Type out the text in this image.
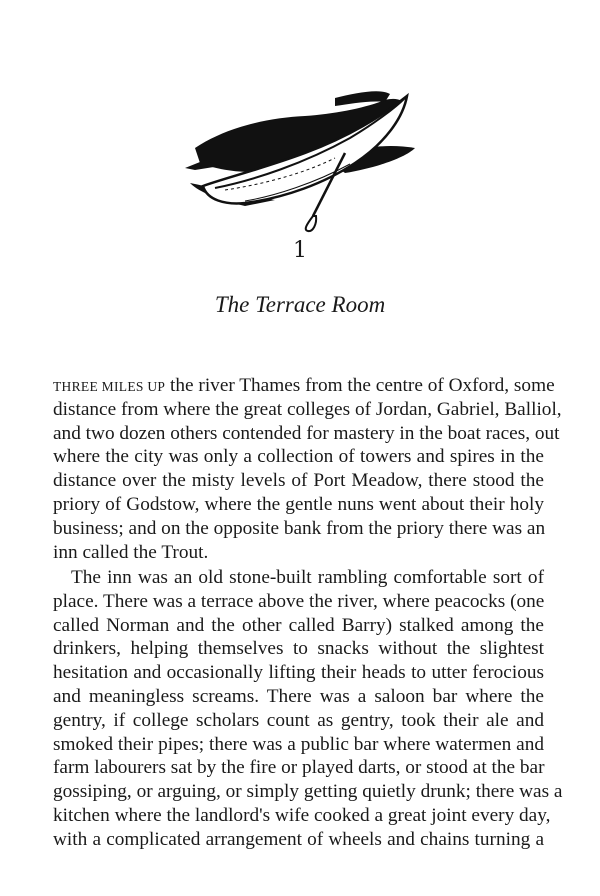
1
The Terrace Room
THREE MILES UP the river Thames from the centre of Oxford, some
distance from where the great colleges of Jordan, Gabriel, Balliol,
and two dozen others contended for mastery in the boat races, out
where the city was only a collection of towers and spires in the
distance over the misty levels of Port Meadow, there stood the
priory of Godstow, where the gentle nuns went about their holy
business; and on the opposite bank from the priory there was an
inn called the Trout.
The inn was an old stone-built rambling comfortable sort of
place. There was a terrace above the river, where peacocks (one
called Norman and the other called Barry) stalked among the
drinkers, helping themselves to snacks without the slightest
hesitation and occasionally lifting their heads to utter ferocious
and meaningless screams. There was a saloon bar where the
gentry, if college scholars count as gentry, took their ale and
smoked their pipes; there was a public bar where watermen and
farm labourers sat by the fire or played darts, or stood at the bar
gossiping, or arguing, or simply getting quietly drunk; there was a
kitchen where the landlord's wife cooked a great joint every day,
with a complicated arrangement of wheels and chains turning a
